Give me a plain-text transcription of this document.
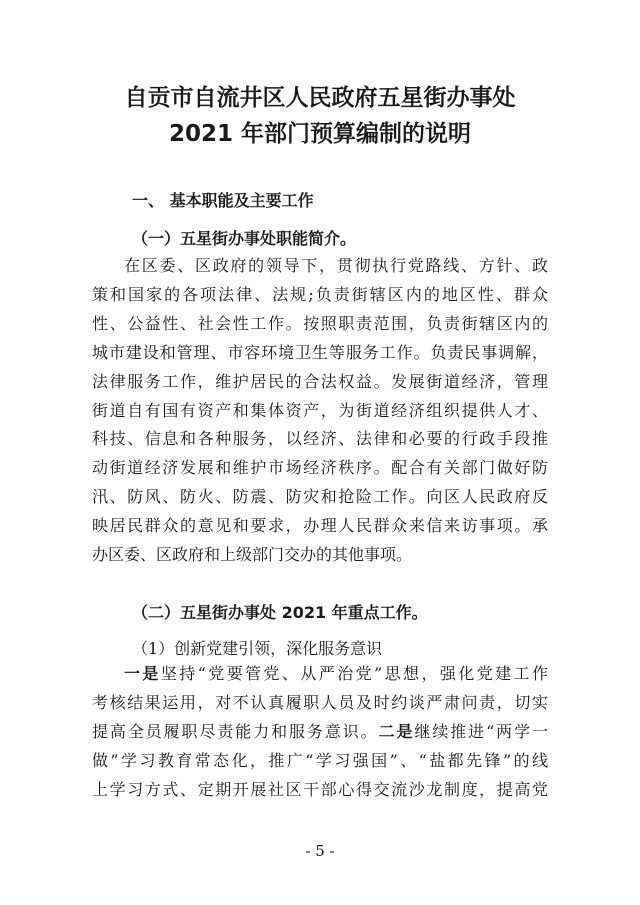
自贡市自流井区人民政府五星街办事处
2021 年部门预算编制的说明
一、 基本职能及主要工作
（一）五星街办事处职能简介。
在区委、区政府的领导下，贯彻执行党路线、方针、政
策和国家的各项法律、法规;负责街辖区内的地区性、群众
性、公益性、社会性工作。按照职责范围，负责街辖区内的
城市建设和管理、市容环境卫生等服务工作。负责民事调解，
法律服务工作，维护居民的合法权益。发展街道经济，管理
街道自有国有资产和集体资产，为街道经济组织提供人才、
科技、信息和各种服务，以经济、法律和必要的行政手段推
动街道经济发展和维护市场经济秩序。配合有关部门做好防
汛、防风、防火、防震、防灾和抢险工作。向区人民政府反
映居民群众的意见和要求，办理人民群众来信来访事项。承
办区委、区政府和上级部门交办的其他事项。
（二）五星街办事处 2021 年重点工作。
（1）创新党建引领，深化服务意识
一是坚持“党要管党、从严治党”思想，强化党建工作
考核结果运用，对不认真履职人员及时约谈严肃问责，切实
提高全员履职尽责能力和服务意识。二是继续推进“两学一
做”学习教育常态化，推广“学习强国”、“盐都先锋”的线
上学习方式、定期开展社区干部心得交流沙龙制度，提高党
- 5 -
